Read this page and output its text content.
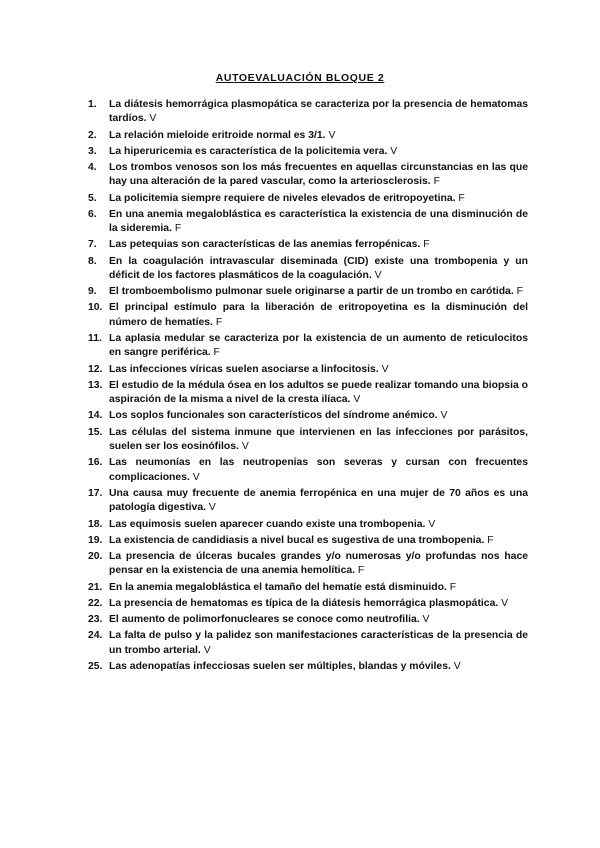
AUTOEVALUACIÓN BLOQUE 2
1.	La diátesis hemorrágica plasmopática se caracteriza por la presencia de hematomas tardíos. V
2.	La relación mieloide eritroide normal es 3/1. V
3.	La hiperuricemia es característica de la policitemia vera. V
4.	Los trombos venosos son los más frecuentes en aquellas circunstancias en las que hay una alteración de la pared vascular, como la arteriosclerosis. F
5.	La policitemia siempre requiere de niveles elevados de eritropoyetina. F
6.	En una anemia megaloblástica es característica la existencia de una disminución de la sideremia. F
7.	Las petequias son características de las anemias ferropénicas. F
8.	En la coagulación intravascular diseminada (CID) existe una trombopenia y un déficit de los factores plasmáticos de la coagulación. V
9.	El tromboembolismo pulmonar suele originarse a partir de un trombo en carótida. F
10. El principal estímulo para la liberación de eritropoyetina es la disminución del número de hematíes. F
11. La aplasia medular se caracteriza por la existencia de un aumento de reticulocitos en sangre periférica. F
12. Las infecciones víricas suelen asociarse a linfocitosis. V
13. El estudio de la médula ósea en los adultos se puede realizar tomando una biopsia o aspiración de la misma a nivel de la cresta ilíaca. V
14. Los soplos funcionales son característicos del síndrome anémico. V
15. Las células del sistema inmune que intervienen en las infecciones por parásitos, suelen ser los eosinófilos. V
16. Las neumonías en las neutropenias son severas y cursan con frecuentes complicaciones. V
17. Una causa muy frecuente de anemia ferropénica en una mujer de 70 años es una patología digestiva. V
18. Las equimosis suelen aparecer cuando existe una trombopenia. V
19. La existencia de candidiasis a nivel bucal es sugestiva de una trombopenia. F
20. La presencia de úlceras bucales grandes y/o numerosas y/o profundas nos hace pensar en la existencia de una anemia hemolítica. F
21. En la anemia megaloblástica el tamaño del hematíe está disminuido. F
22. La presencia de hematomas es típica de la diátesis hemorrágica plasmopática. V
23. El aumento de polimorfonucleares se conoce como neutrofilia. V
24. La falta de pulso y la palidez son manifestaciones características de la presencia de un trombo arterial. V
25. Las adenopatías infecciosas suelen ser múltiples, blandas y móviles. V
